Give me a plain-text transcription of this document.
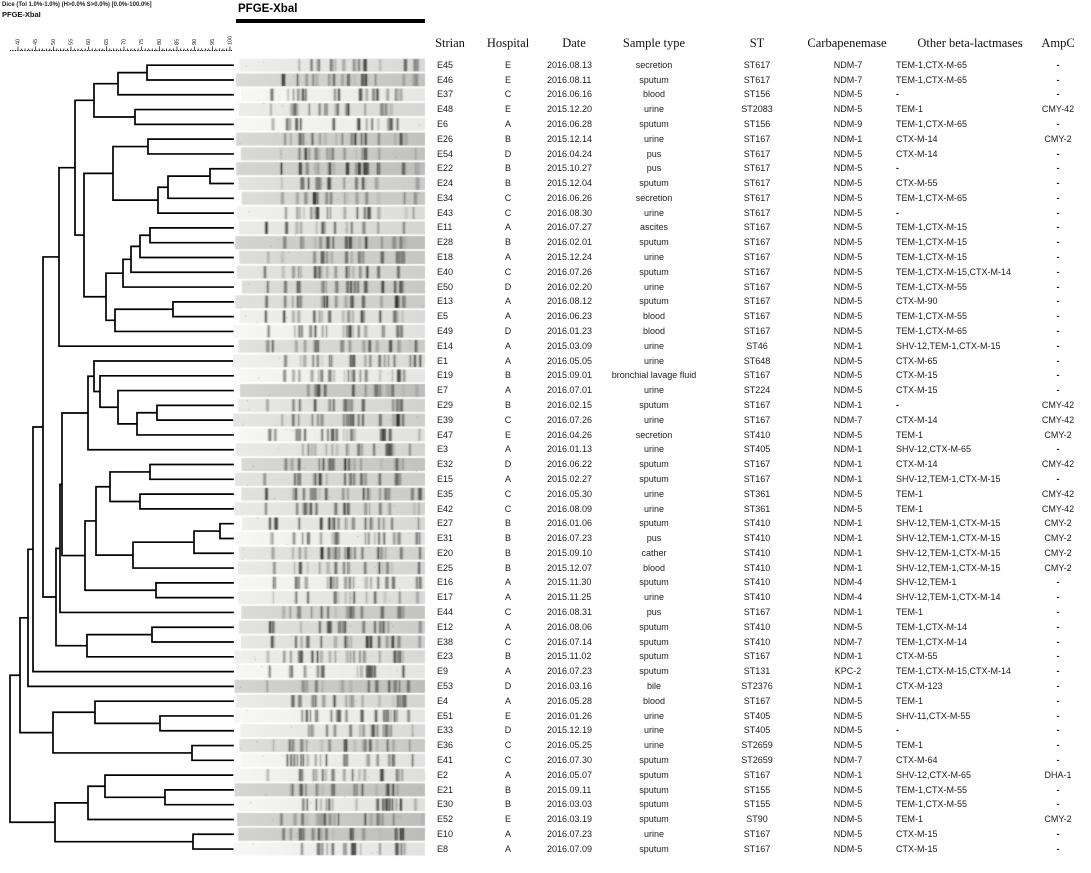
Dice (Tol 1.0%-1.0%) (H>0.0% S>0.0%) [0.0%-100.0%]
PFGE-XbaI	PFGE-Xbal
40 45 50 55 60 65 70 75 80 85 90 95 100	Strian	Hospital	Date	Sample type	ST	Carbapenemase	Other beta-lactmases	AmpC
E45	E	2016.08.13	secretion	ST617	NDM-7	TEM-1,CTX-M-65	-
E46	E	2016.08.11	sputum	ST617	NDM-7	TEM-1,CTX-M-65	-
E37	C	2016.06.16	blood	ST156	NDM-5	-	-
E48	E	2015.12.20	urine	ST2083	NDM-5	TEM-1	CMY-42
E6	A	2016.06.28	sputum	ST156	NDM-9	TEM-1,CTX-M-65	-
E26	B	2015.12.14	urine	ST167	NDM-1	CTX-M-14	CMY-2
E54	D	2016.04.24	pus	ST617	NDM-5	CTX-M-14	-
E22	B	2015.10.27	pus	ST617	NDM-5	-	-
E24	B	2015.12.04	sputum	ST617	NDM-5	CTX-M-55	-
E34	C	2016.06.26	secretion	ST617	NDM-5	TEM-1,CTX-M-65	-
E43	C	2016.08.30	urine	ST617	NDM-5	-	-
E11	A	2016.07.27	ascites	ST167	NDM-5	TEM-1,CTX-M-15	-
E28	B	2016.02.01	sputum	ST167	NDM-5	TEM-1,CTX-M-15	-
E18	A	2015.12.24	urine	ST167	NDM-5	TEM-1,CTX-M-15	-
E40	C	2016.07.26	sputum	ST167	NDM-5	TEM-1,CTX-M-15,CTX-M-14	-
E50	D	2016.02.20	urine	ST167	NDM-5	TEM-1,CTX-M-55	-
E13	A	2016.08.12	sputum	ST167	NDM-5	CTX-M-90	-
E5	A	2016.06.23	blood	ST167	NDM-5	TEM-1,CTX-M-55	-
E49	D	2016.01.23	blood	ST167	NDM-5	TEM-1,CTX-M-65	-
E14	A	2015.03.09	urine	ST46	NDM-1	SHV-12,TEM-1,CTX-M-15	-
E1	A	2016.05.05	urine	ST648	NDM-5	CTX-M-65	-
E19	B	2015.09.01	bronchial lavage fluid	ST167	NDM-5	CTX-M-15	-
E7	A	2016.07.01	urine	ST224	NDM-5	CTX-M-15	-
E29	B	2016.02.15	sputum	ST167	NDM-1	-	CMY-42
E39	C	2016.07.26	urine	ST167	NDM-7	CTX-M-14	CMY-42
E47	E	2016.04.26	secretion	ST410	NDM-5	TEM-1	CMY-2
E3	A	2016.01.13	urine	ST405	NDM-1	SHV-12,CTX-M-65	-
E32	D	2016.06.22	sputum	ST167	NDM-1	CTX-M-14	CMY-42
E15	A	2015.02.27	sputum	ST167	NDM-1	SHV-12,TEM-1,CTX-M-15	-
E35	C	2016.05.30	urine	ST361	NDM-5	TEM-1	CMY-42
E42	C	2016.08.09	urine	ST361	NDM-5	TEM-1	CMY-42
E27	B	2016.01.06	sputum	ST410	NDM-1	SHV-12,TEM-1,CTX-M-15	CMY-2
E31	B	2016.07.23	pus	ST410	NDM-1	SHV-12,TEM-1,CTX-M-15	CMY-2
E20	B	2015.09.10	cather	ST410	NDM-1	SHV-12,TEM-1,CTX-M-15	CMY-2
E25	B	2015.12.07	blood	ST410	NDM-1	SHV-12,TEM-1,CTX-M-15	CMY-2
E16	A	2015.11.30	sputum	ST410	NDM-4	SHV-12,TEM-1	-
E17	A	2015.11.25	urine	ST410	NDM-4	SHV-12,TEM-1,CTX-M-14	-
E44	C	2016.08.31	pus	ST167	NDM-1	TEM-1	-
E12	A	2016.08.06	sputum	ST410	NDM-5	TEM-1,CTX-M-14	-
E38	C	2016.07.14	sputum	ST410	NDM-7	TEM-1,CTX-M-14	-
E23	B	2015.11.02	sputum	ST167	NDM-1	CTX-M-55	-
E9	A	2016.07.23	sputum	ST131	KPC-2	TEM-1,CTX-M-15,CTX-M-14	-
E53	D	2016.03.16	bile	ST2376	NDM-1	CTX-M-123	-
E4	A	2016.05.28	blood	ST167	NDM-5	TEM-1	-
E51	E	2016.01.26	urine	ST405	NDM-5	SHV-11,CTX-M-55	-
E33	D	2015.12.19	urine	ST405	NDM-5	-	-
E36	C	2016.05.25	urine	ST2659	NDM-5	TEM-1	-
E41	C	2016.07.30	sputum	ST2659	NDM-7	CTX-M-64	-
E2	A	2016.05.07	sputum	ST167	NDM-1	SHV-12,CTX-M-65	DHA-1
E21	B	2015.09.11	sputum	ST155	NDM-5	TEM-1,CTX-M-55	-
E30	B	2016.03.03	sputum	ST155	NDM-5	TEM-1,CTX-M-55	-
E52	E	2016.03.19	sputum	ST90	NDM-5	TEM-1	CMY-2
E10	A	2016.07.23	urine	ST167	NDM-5	CTX-M-15	-
E8	A	2016.07.09	sputum	ST167	NDM-5	CTX-M-15	-
